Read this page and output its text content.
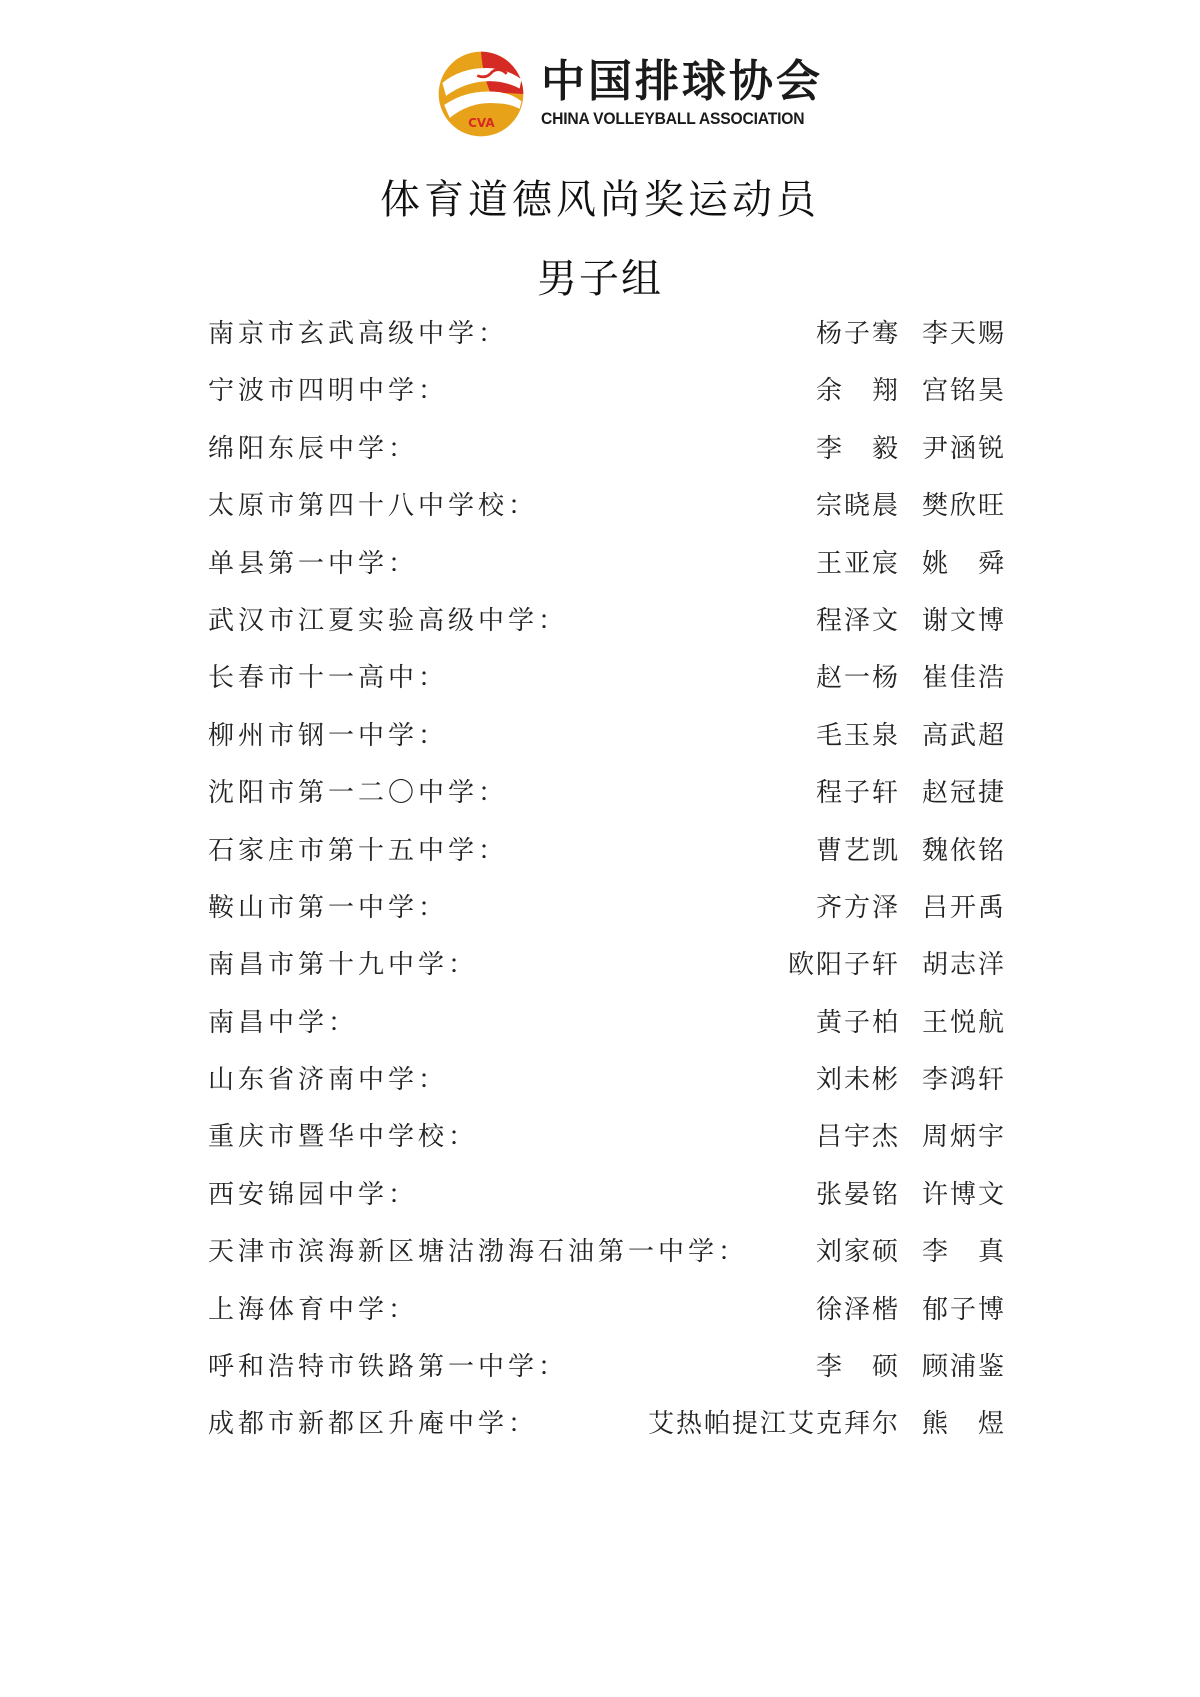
CVA
中国排球协会
CHINA VOLLEYBALL ASSOCIATION
体育道德风尚奖运动员
男子组
南京市玄武高级中学：	杨子骞 李天赐
宁波市四明中学：	余　翔 宫铭昊
绵阳东辰中学：	李　毅 尹涵锐
太原市第四十八中学校：	宗晓晨 樊欣旺
单县第一中学：	王亚宸 姚　舜
武汉市江夏实验高级中学：	程泽文 谢文博
长春市十一高中：	赵一杨 崔佳浩
柳州市钢一中学：	毛玉泉 高武超
沈阳市第一二〇中学：	程子轩 赵冠捷
石家庄市第十五中学：	曹艺凯 魏依铭
鞍山市第一中学：	齐方泽 吕开禹
南昌市第十九中学：	欧阳子轩 胡志洋
南昌中学：	黄子柏 王悦航
山东省济南中学：	刘未彬 李鸿轩
重庆市暨华中学校：	吕宇杰 周炳宇
西安锦园中学：	张晏铭 许博文
天津市滨海新区塘沽渤海石油第一中学：	刘家硕 李　真
上海体育中学：	徐泽楷 郁子博
呼和浩特市铁路第一中学：	李　硕 顾浦鉴
成都市新都区升庵中学：	艾热帕提江艾克拜尔 熊　煜
